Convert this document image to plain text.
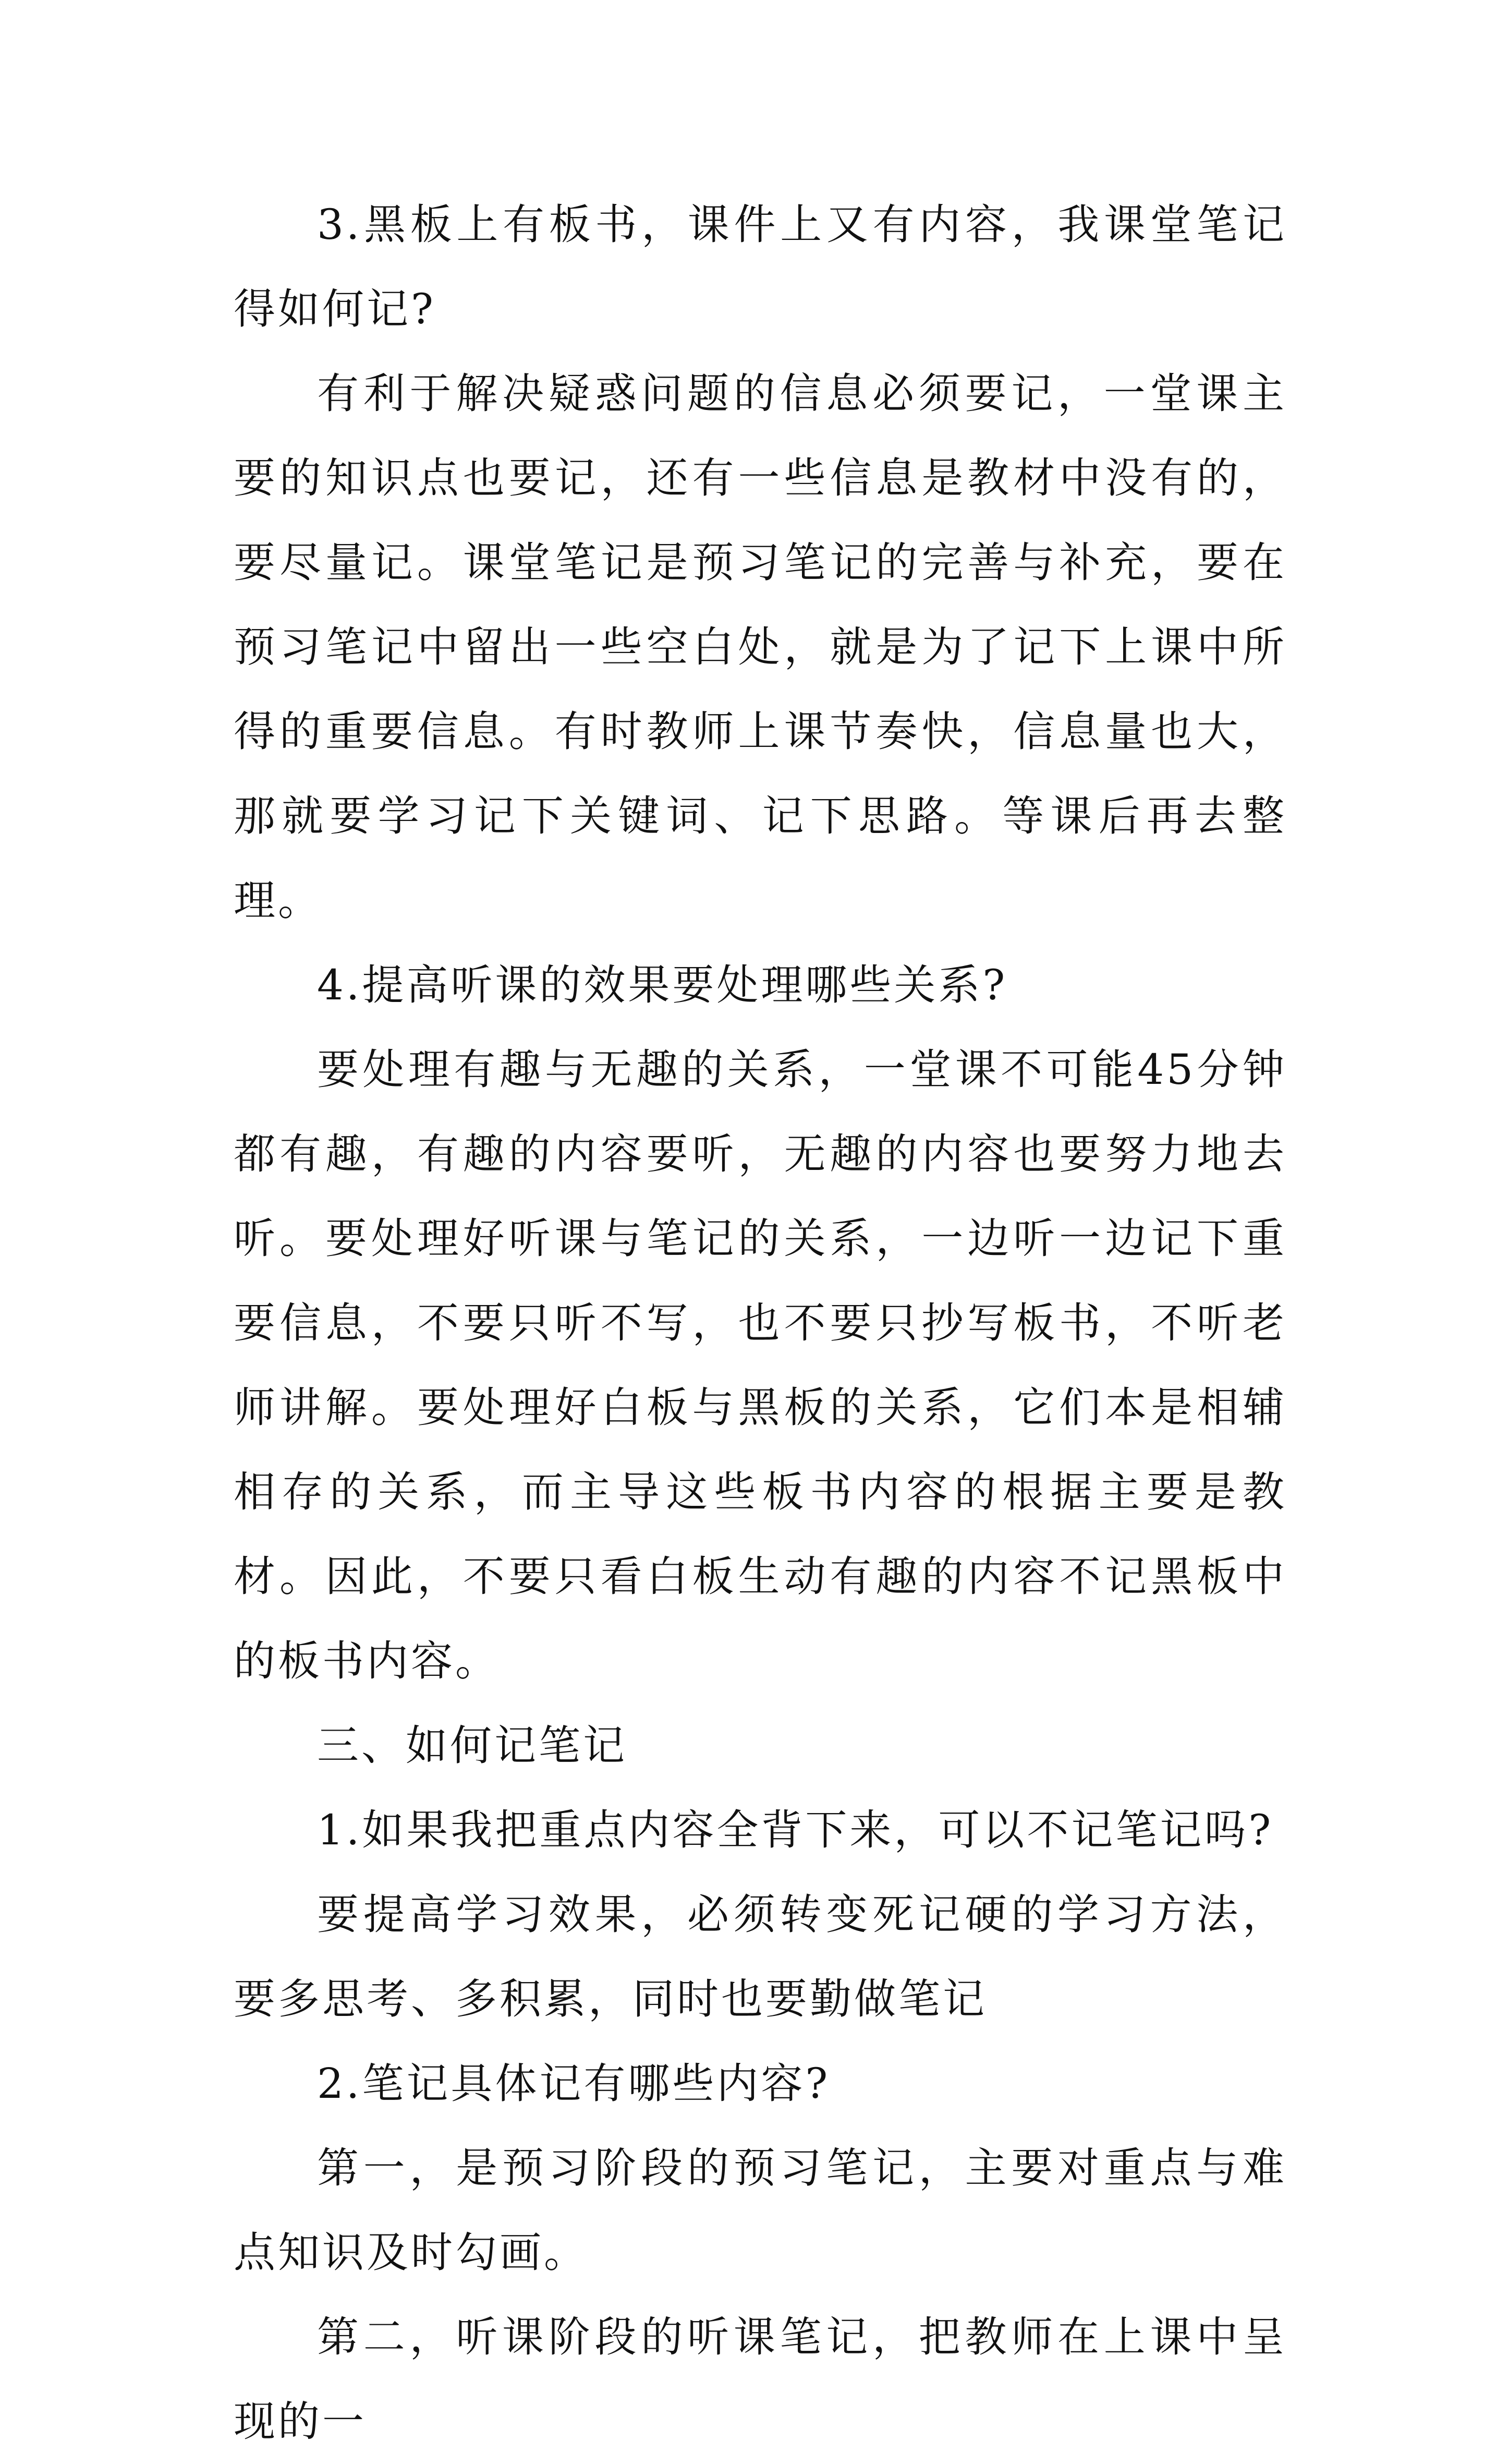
3.黑板上有板书，课件上又有内容，我课堂笔记得如何记?

有利于解决疑惑问题的信息必须要记，一堂课主要的知识点也要记，还有一些信息是教材中没有的，要尽量记。课堂笔记是预习笔记的完善与补充，要在预习笔记中留出一些空白处，就是为了记下上课中所得的重要信息。有时教师上课节奏快，信息量也大，那就要学习记下关键词、记下思路。等课后再去整理。

4.提高听课的效果要处理哪些关系?

要处理有趣与无趣的关系，一堂课不可能45分钟都有趣，有趣的内容要听，无趣的内容也要努力地去听。要处理好听课与笔记的关系，一边听一边记下重要信息，不要只听不写，也不要只抄写板书，不听老师讲解。要处理好白板与黑板的关系，它们本是相辅相存的关系，而主导这些板书内容的根据主要是教材。因此，不要只看白板生动有趣的内容不记黑板中的板书内容。

三、如何记笔记

1.如果我把重点内容全背下来，可以不记笔记吗?

要提高学习效果，必须转变死记硬的学习方法，要多思考、多积累，同时也要勤做笔记

2.笔记具体记有哪些内容?

第一，是预习阶段的预习笔记，主要对重点与难点知识及时勾画。

第二，听课阶段的听课笔记，把教师在上课中呈现的一
